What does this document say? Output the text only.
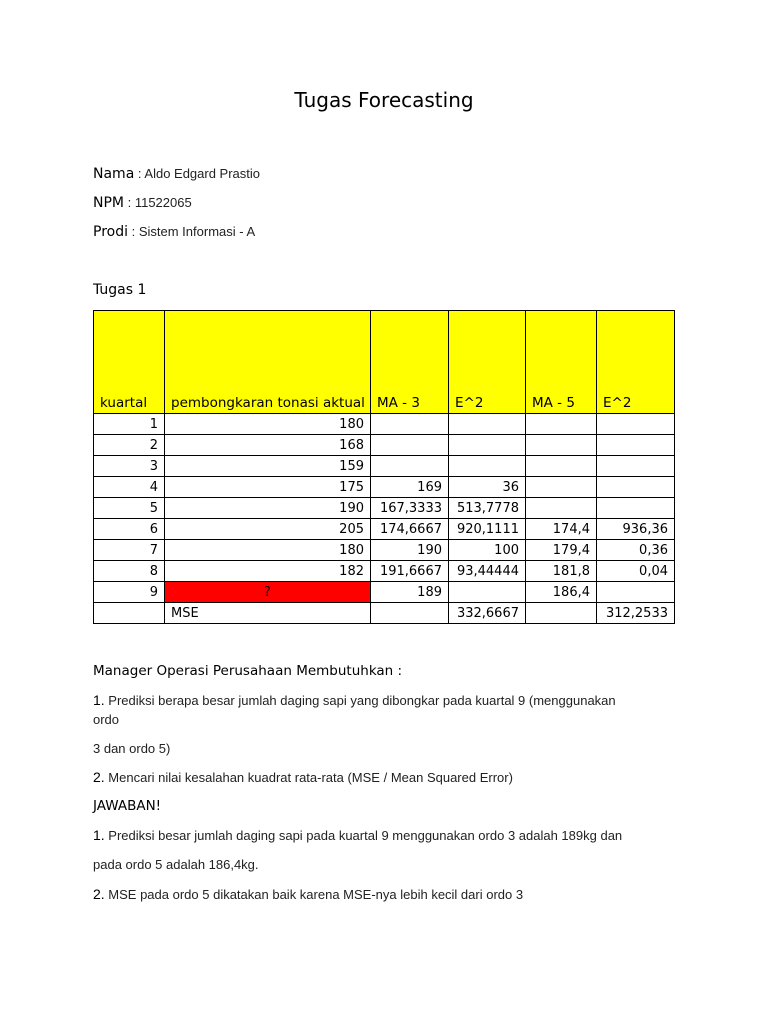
Tugas Forecasting
Nama : Aldo Edgard Prastio
NPM : 11522065
Prodi : Sistem Informasi - A
Tugas 1
kuartal	pembongkaran tonasi aktual	MA - 3	E^2	MA - 5	E^2
1	180				
2	168				
3	159				
4	175	169	36		
5	190	167,3333	513,7778		
6	205	174,6667	920,1111	174,4	936,36
7	180	190	100	179,4	0,36
8	182	191,6667	93,44444	181,8	0,04
9	?	189		186,4	
	MSE		332,6667		312,2533
Manager Operasi Perusahaan Membutuhkan :
1. Prediksi berapa besar jumlah daging sapi yang dibongkar pada kuartal 9 (menggunakan
ordo
3 dan ordo 5)
2. Mencari nilai kesalahan kuadrat rata-rata (MSE / Mean Squared Error)
JAWABAN!
1. Prediksi besar jumlah daging sapi pada kuartal 9 menggunakan ordo 3 adalah 189kg dan
pada ordo 5 adalah 186,4kg.
2. MSE pada ordo 5 dikatakan baik karena MSE-nya lebih kecil dari ordo 3
